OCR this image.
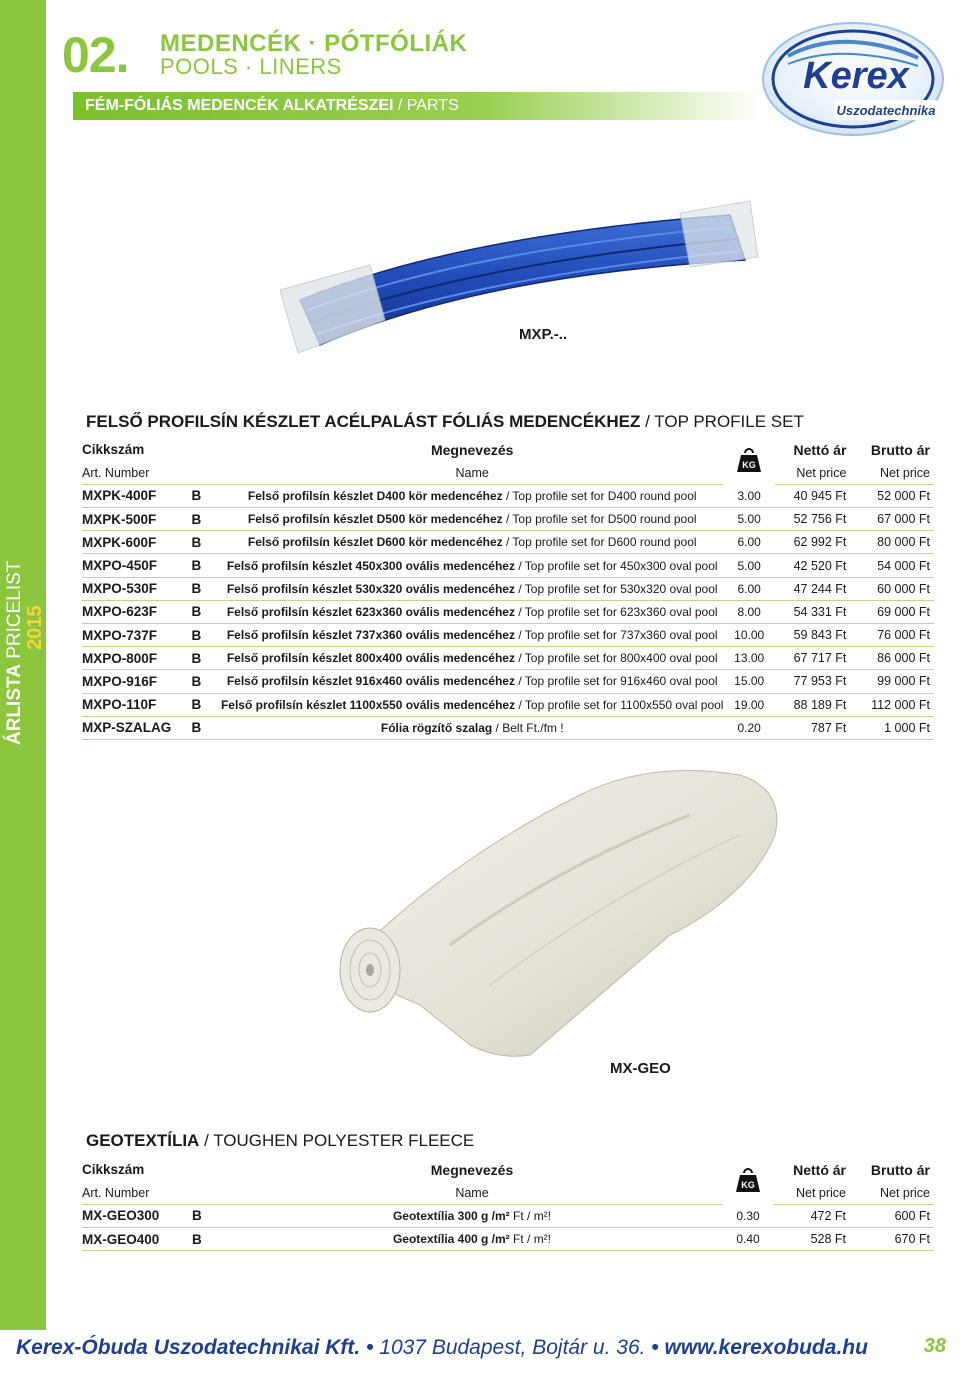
2015
ÁRLISTA PRICELIST
02. MEDENCÉK · PÓTFÓLIÁK
POOLS · LINERS
FÉM-FÓLIÁS MEDENCÉK ALKATRÉSZEI / PARTS
Kerex
Uszodatechnika
MXP.-..
FELSŐ PROFILSÍN KÉSZLET ACÉLPALÁST FÓLIÁS MEDENCÉKHEZ / TOP PROFILE SET
Cikkszám		Megnevezés	KG	Nettó ár	Brutto ár
Art. Number		Name		Net price	Net price
MXPK-400F	B	Felső profilsín készlet D400 kör medencéhez / Top profile set for D400 round pool	3.00	40 945 Ft	52 000 Ft
MXPK-500F	B	Felső profilsín készlet D500 kör medencéhez / Top profile set for D500 round pool	5.00	52 756 Ft	67 000 Ft
MXPK-600F	B	Felső profilsín készlet D600 kör medencéhez / Top profile set for D600 round pool	6.00	62 992 Ft	80 000 Ft
MXPO-450F	B	Felső profilsín készlet 450x300 ovális medencéhez / Top profile set for 450x300 oval pool	5.00	42 520 Ft	54 000 Ft
MXPO-530F	B	Felső profilsín készlet 530x320 ovális medencéhez / Top profile set for 530x320 oval pool	6.00	47 244 Ft	60 000 Ft
MXPO-623F	B	Felső profilsín készlet 623x360 ovális medencéhez / Top profile set for 623x360 oval pool	8.00	54 331 Ft	69 000 Ft
MXPO-737F	B	Felső profilsín készlet 737x360 ovális medencéhez / Top profile set for 737x360 oval pool	10.00	59 843 Ft	76 000 Ft
MXPO-800F	B	Felső profilsín készlet 800x400 ovális medencéhez / Top profile set for 800x400 oval pool	13.00	67 717 Ft	86 000 Ft
MXPO-916F	B	Felső profilsín készlet 916x460 ovális medencéhez / Top profile set for 916x460 oval pool	15.00	77 953 Ft	99 000 Ft
MXPO-110F	B	Felső profilsín készlet 1100x550 ovális medencéhez / Top profile set for 1100x550 oval pool	19.00	88 189 Ft	112 000 Ft
MXP-SZALAG	B	Fólia rögzítő szalag / Belt Ft./fm !	0.20	787 Ft	1 000 Ft
MX-GEO
GEOTEXTÍLIA / TOUGHEN POLYESTER FLEECE
Cikkszám		Megnevezés	KG	Nettó ár	Brutto ár
Art. Number		Name		Net price	Net price
MX-GEO300	B	Geotextília 300 g /m² Ft / m²!	0.30	472 Ft	600 Ft
MX-GEO400	B	Geotextília 400 g /m² Ft / m²!	0.40	528 Ft	670 Ft
Kerex-Óbuda Uszodatechnikai Kft. • 1037 Budapest, Bojtár u. 36. • www.kerexobuda.hu	38
